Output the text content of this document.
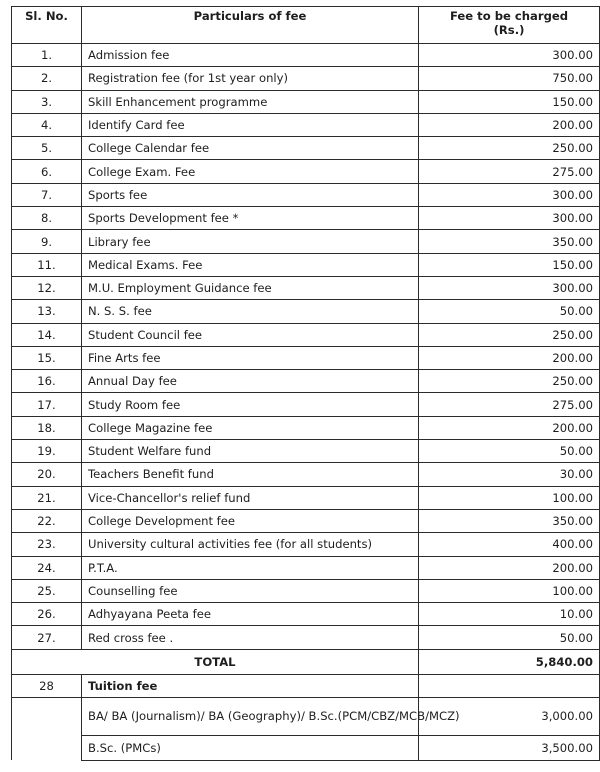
Sl. No.	Particulars of fee	Fee to be charged
(Rs.)

1.	Admission fee	300.00
2.	Registration fee (for 1st year only)	750.00
3.	Skill Enhancement programme	150.00
4.	Identify Card fee	200.00
5.	College Calendar fee	250.00
6.	College Exam. Fee	275.00
7.	Sports fee	300.00
8.	Sports Development fee *	300.00
9.	Library fee	350.00
11.	Medical Exams. Fee	150.00
12.	M.U. Employment Guidance fee	300.00
13.	N. S. S. fee	50.00
14.	Student Council fee	250.00
15.	Fine Arts fee	200.00
16.	Annual Day fee	250.00
17.	Study Room fee	275.00
18.	College Magazine fee	200.00
19.	Student Welfare fund	50.00
20.	Teachers Benefit fund	30.00
21.	Vice-Chancellor's relief fund	100.00
22.	College Development fee	350.00
23.	University cultural activities fee (for all students)	400.00
24.	P.T.A.	200.00
25.	Counselling fee	100.00
26.	Adhyayana Peeta fee	10.00
27.	Red cross fee .	50.00
TOTAL		5,840.00
28	Tuition fee	
	BA/ BA (Journalism)/ BA (Geography)/ B.Sc.(PCM/CBZ/MCB/MCZ)	3,000.00
	B.Sc. (PMCs)	3,500.00
